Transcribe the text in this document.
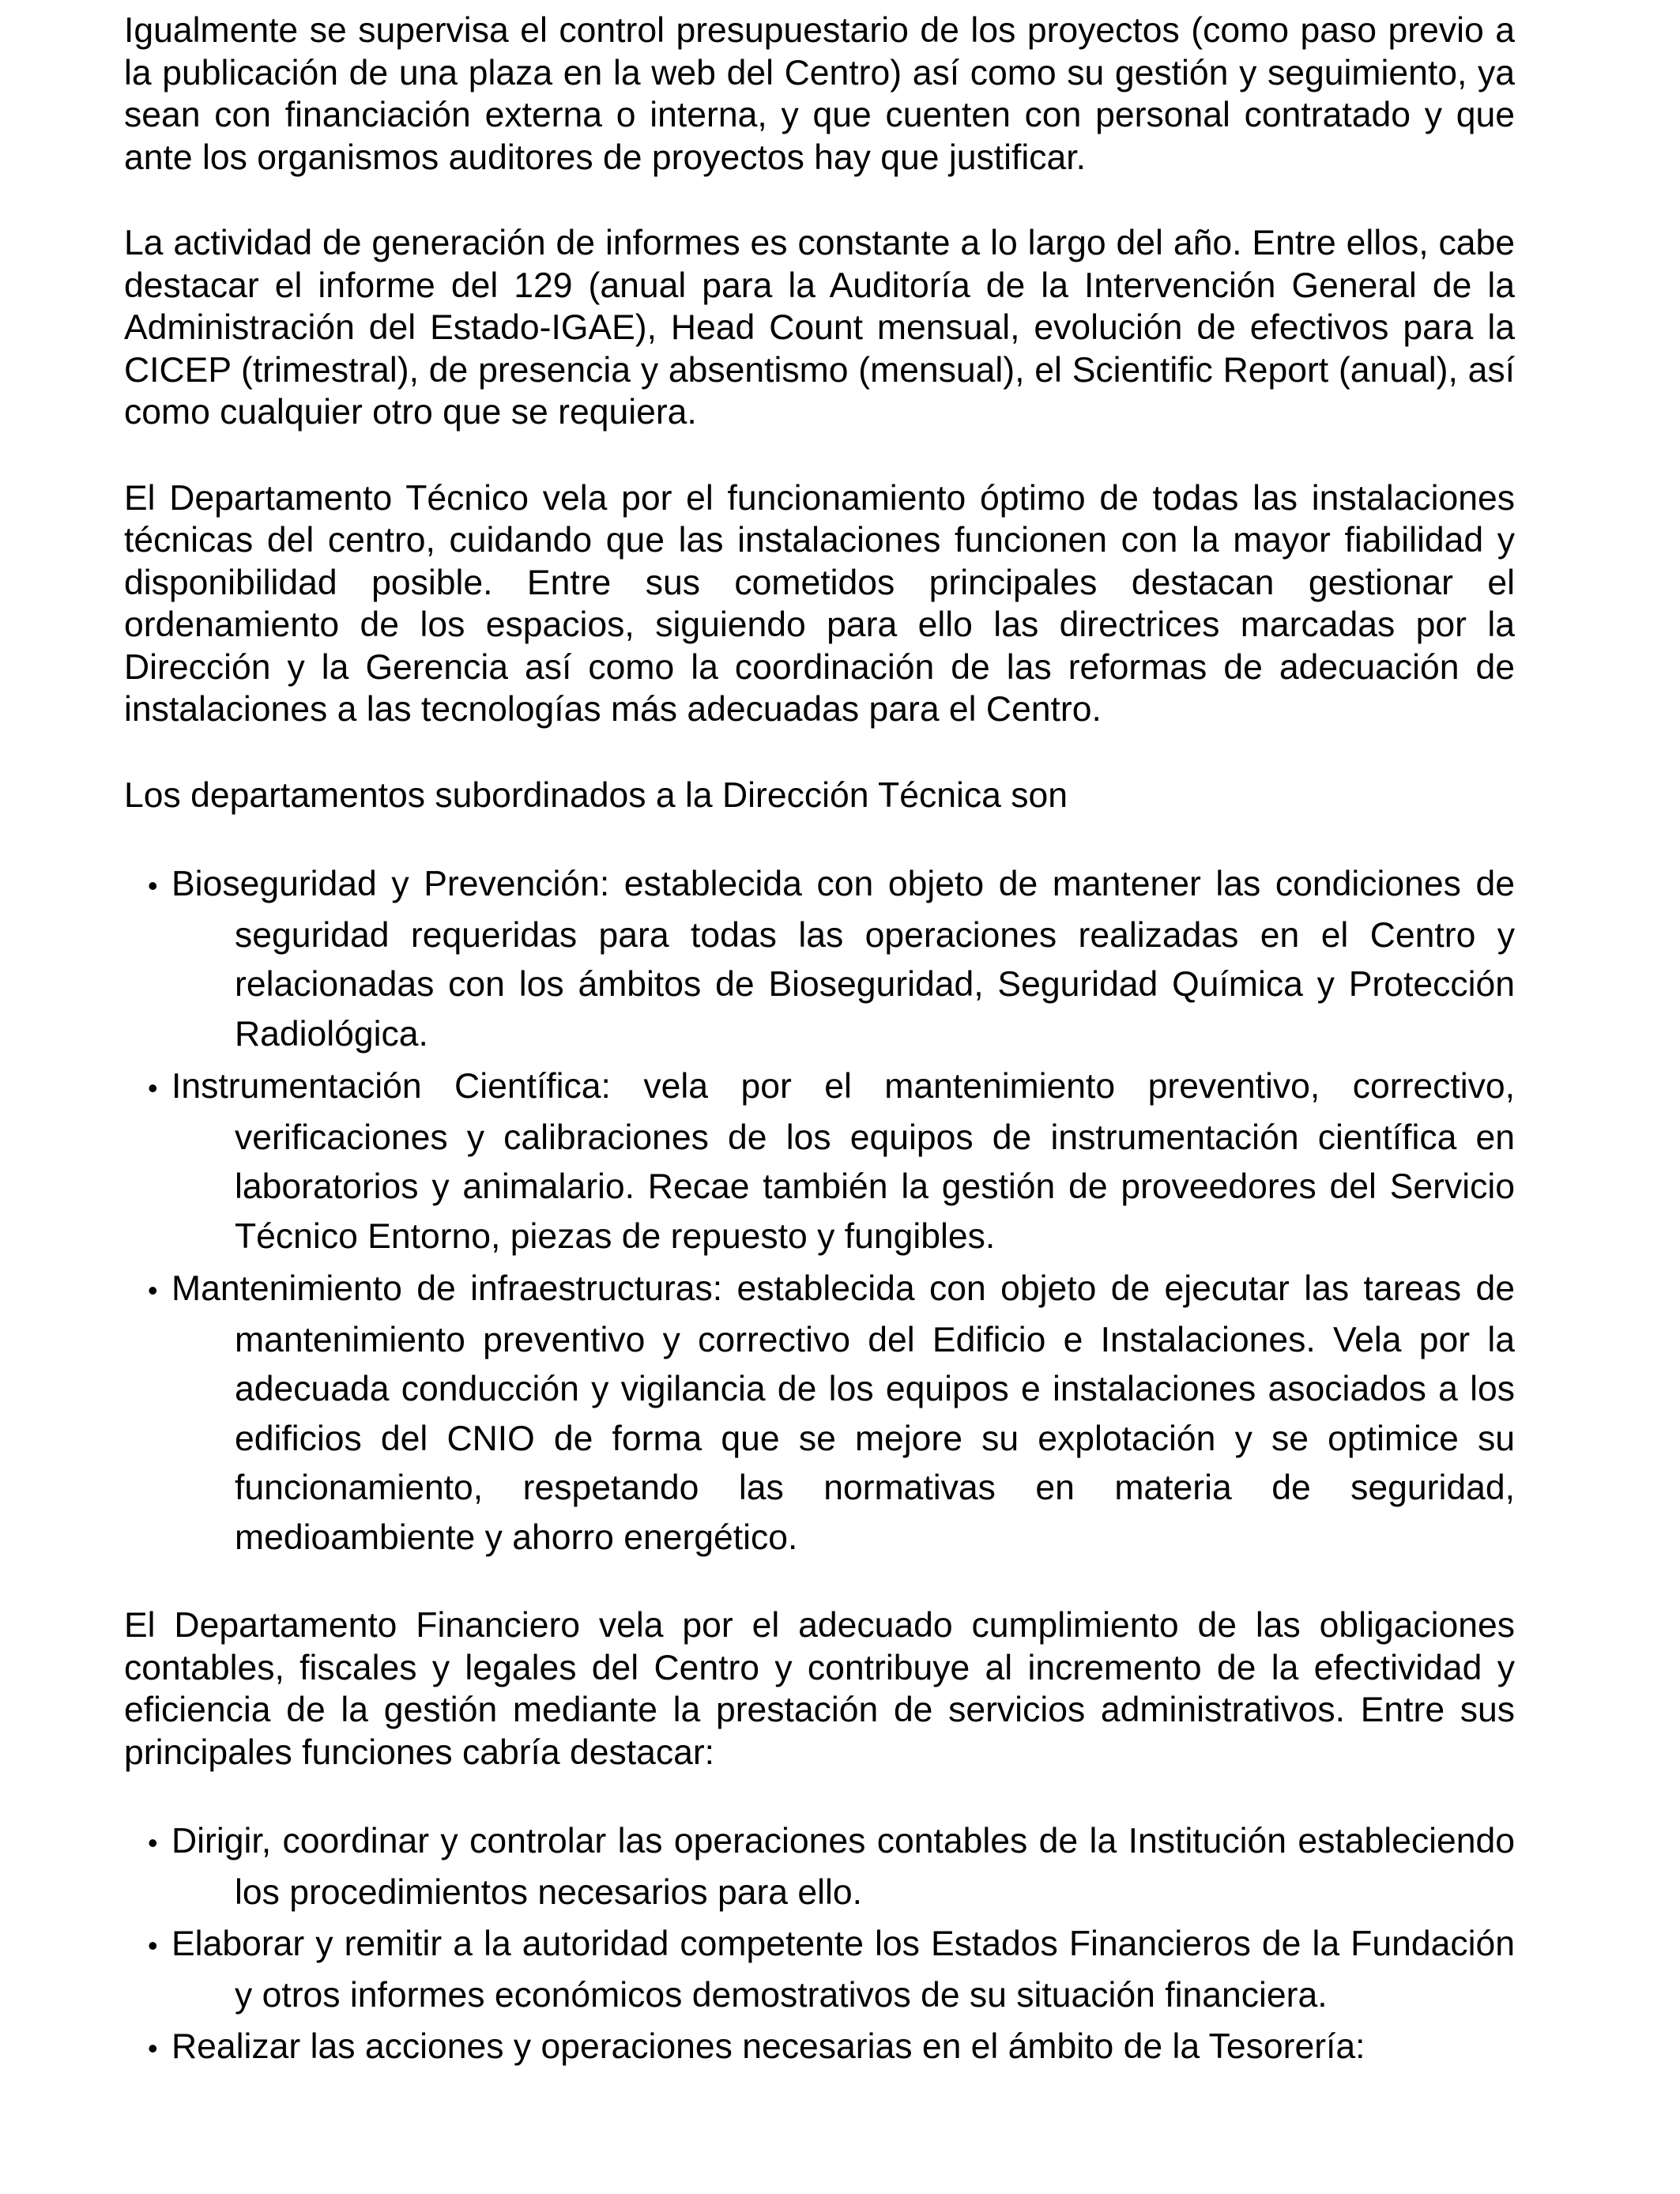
Igualmente se supervisa el control presupuestario de los proyectos (como paso previo a la publicación de una plaza en la web del Centro) así como su gestión y seguimiento, ya sean con financiación externa o interna, y que cuenten con personal contratado y que ante los organismos auditores de proyectos hay que justificar.

La actividad de generación de informes es constante a lo largo del año. Entre ellos, cabe destacar el informe del 129 (anual para la Auditoría de la Intervención General de la Administración del Estado-IGAE), Head Count mensual, evolución de efectivos para la CICEP (trimestral), de presencia y absentismo (mensual), el Scientific Report (anual), así como cualquier otro que se requiera.

El Departamento Técnico vela por el funcionamiento óptimo de todas las instalaciones técnicas del centro, cuidando que las instalaciones funcionen con la mayor fiabilidad y disponibilidad posible. Entre sus cometidos principales destacan gestionar el ordenamiento de los espacios, siguiendo para ello las directrices marcadas por la Dirección y la Gerencia así como la coordinación de las reformas de adecuación de instalaciones a las tecnologías más adecuadas para el Centro.

Los departamentos subordinados a la Dirección Técnica son

• Bioseguridad y Prevención: establecida con objeto de mantener las condiciones de seguridad requeridas para todas las operaciones realizadas en el Centro y relacionadas con los ámbitos de Bioseguridad, Seguridad Química y Protección Radiológica.
• Instrumentación Científica: vela por el mantenimiento preventivo, correctivo, verificaciones y calibraciones de los equipos de instrumentación científica en laboratorios y animalario. Recae también la gestión de proveedores del Servicio Técnico Entorno, piezas de repuesto y fungibles.
• Mantenimiento de infraestructuras: establecida con objeto de ejecutar las tareas de mantenimiento preventivo y correctivo del Edificio e Instalaciones. Vela por la adecuada conducción y vigilancia de los equipos e instalaciones asociados a los edificios del CNIO de forma que se mejore su explotación y se optimice su funcionamiento, respetando las normativas en materia de seguridad, medioambiente y ahorro energético.

El Departamento Financiero vela por el adecuado cumplimiento de las obligaciones contables, fiscales y legales del Centro y contribuye al incremento de la efectividad y eficiencia de la gestión mediante la prestación de servicios administrativos. Entre sus principales funciones cabría destacar:

• Dirigir, coordinar y controlar las operaciones contables de la Institución estableciendo los procedimientos necesarios para ello.
• Elaborar y remitir a la autoridad competente los Estados Financieros de la Fundación y otros informes económicos demostrativos de su situación financiera.
• Realizar las acciones y operaciones necesarias en el ámbito de la Tesorería:
